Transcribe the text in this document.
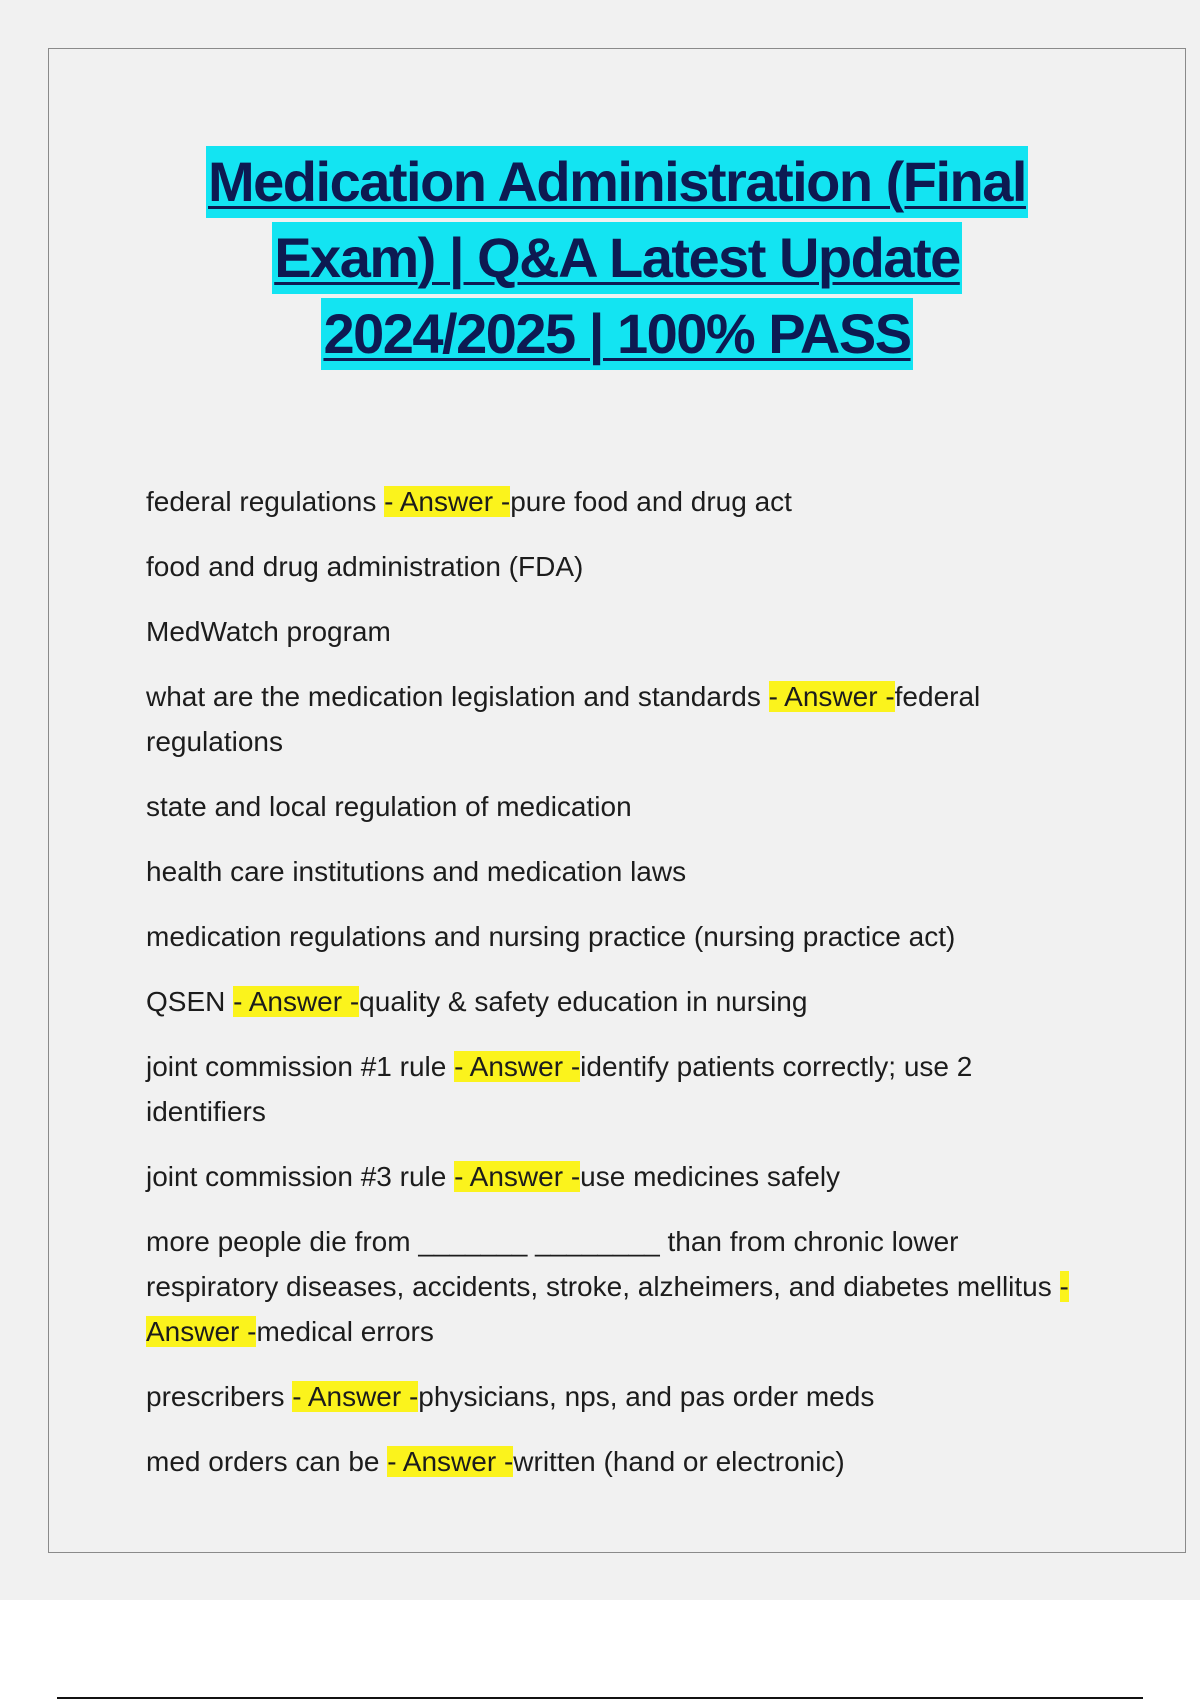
Medication Administration (Final
Exam) | Q&A Latest Update
2024/2025 | 100% PASS
federal regulations - Answer -pure food and drug act
food and drug administration (FDA)
MedWatch program
what are the medication legislation and standards - Answer -federal regulations
state and local regulation of medication
health care institutions and medication laws
medication regulations and nursing practice (nursing practice act)
QSEN - Answer -quality & safety education in nursing
joint commission #1 rule - Answer -identify patients correctly; use 2 identifiers
joint commission #3 rule - Answer -use medicines safely
more people die from _______ ________ than from chronic lower respiratory diseases, accidents, stroke, alzheimers, and diabetes mellitus - Answer -medical errors
prescribers - Answer -physicians, nps, and pas order meds
med orders can be - Answer -written (hand or electronic)
